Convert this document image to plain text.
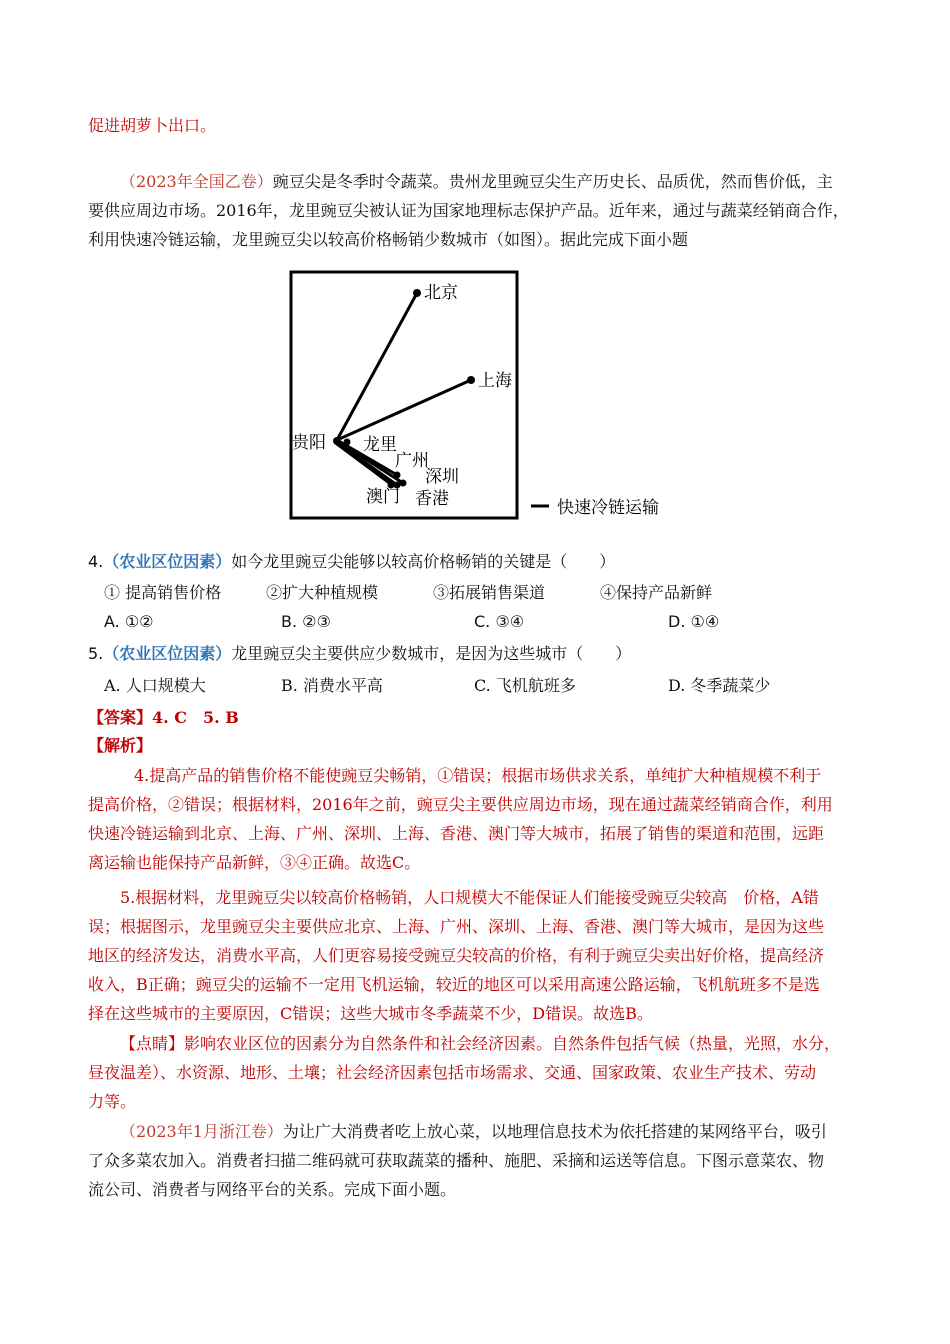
促进胡萝卜出口。
（2023年全国乙卷）豌豆尖是冬季时令蔬菜。贵州龙里豌豆尖生产历史长、品质优，然而售价低，主
要供应周边市场。2016年，龙里豌豆尖被认证为国家地理标志保护产品。近年来，通过与蔬菜经销商合作，
利用快速冷链运输，龙里豌豆尖以较高价格畅销少数城市（如图）。据此完成下面小题
北京
上海
贵阳 龙里
广州
深圳
澳门 香港	快速冷链运输
4.（农业区位因素）如今龙里豌豆尖能够以较高价格畅销的关键是（　　）
① 提高销售价格	②扩大种植规模	③拓展销售渠道	④保持产品新鲜
A. ①②	B. ②③	C. ③④	D. ①④
5.（农业区位因素）龙里豌豆尖主要供应少数城市，是因为这些城市（　　）
A. 人口规模大	B. 消费水平高	C. 飞机航班多	D. 冬季蔬菜少
【答案】4. C　5. B
【解析】
4.提高产品的销售价格不能使豌豆尖畅销，①错误；根据市场供求关系，单纯扩大种植规模不利于
提高价格，②错误；根据材料，2016年之前，豌豆尖主要供应周边市场，现在通过蔬菜经销商合作，利用
快速冷链运输到北京、上海、广州、深圳、上海、香港、澳门等大城市，拓展了销售的渠道和范围，远距
离运输也能保持产品新鲜，③④正确。故选C。
5.根据材料，龙里豌豆尖以较高价格畅销，人口规模大不能保证人们能接受豌豆尖较高　价格，A错
误；根据图示，龙里豌豆尖主要供应北京、上海、广州、深圳、上海、香港、澳门等大城市，是因为这些
地区的经济发达，消费水平高，人们更容易接受豌豆尖较高的价格，有利于豌豆尖卖出好价格，提高经济
收入，B正确；豌豆尖的运输不一定用飞机运输，较近的地区可以采用高速公路运输，飞机航班多不是选
择在这些城市的主要原因，C错误；这些大城市冬季蔬菜不少，D错误。故选B。
【点睛】影响农业区位的因素分为自然条件和社会经济因素。自然条件包括气候（热量，光照，水分，
昼夜温差）、水资源、地形、土壤；社会经济因素包括市场需求、交通、国家政策、农业生产技术、劳动
力等。
（2023年1月浙江卷）为让广大消费者吃上放心菜，以地理信息技术为依托搭建的某网络平台，吸引
了众多菜农加入。消费者扫描二维码就可获取蔬菜的播种、施肥、采摘和运送等信息。下图示意菜农、物
流公司、消费者与网络平台的关系。完成下面小题。
